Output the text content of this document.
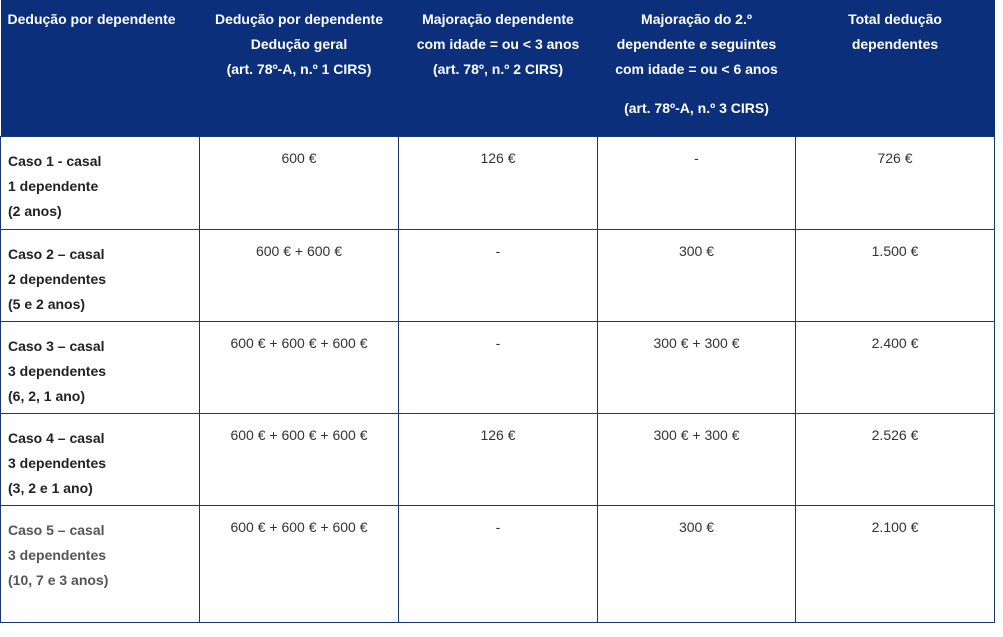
Dedução por dependente	Dedução por dependente
Dedução geral
(art. 78º-A, n.º 1 CIRS)	Majoração dependente
com idade = ou < 3 anos
(art. 78º, n.º 2 CIRS)	Majoração do 2.º
dependente e seguintes
com idade = ou < 6 anos
(art. 78º-A, n.º 3 CIRS)	Total dedução
dependentes

Caso 1 - casal
1 dependente
(2 anos)	600 €	126 €	-	726 €

Caso 2 – casal
2 dependentes
(5 e 2 anos)	600 € + 600 €	-	300 €	1.500 €

Caso 3 – casal
3 dependentes
(6, 2, 1 ano)	600 € + 600 € + 600 €	-	300 € + 300 €	2.400 €

Caso 4 – casal
3 dependentes
(3, 2 e 1 ano)	600 € + 600 € + 600 €	126 €	300 € + 300 €	2.526 €

Caso 5 – casal
3 dependentes
(10, 7 e 3 anos)	600 € + 600 € + 600 €	-	300 €	2.100 €
